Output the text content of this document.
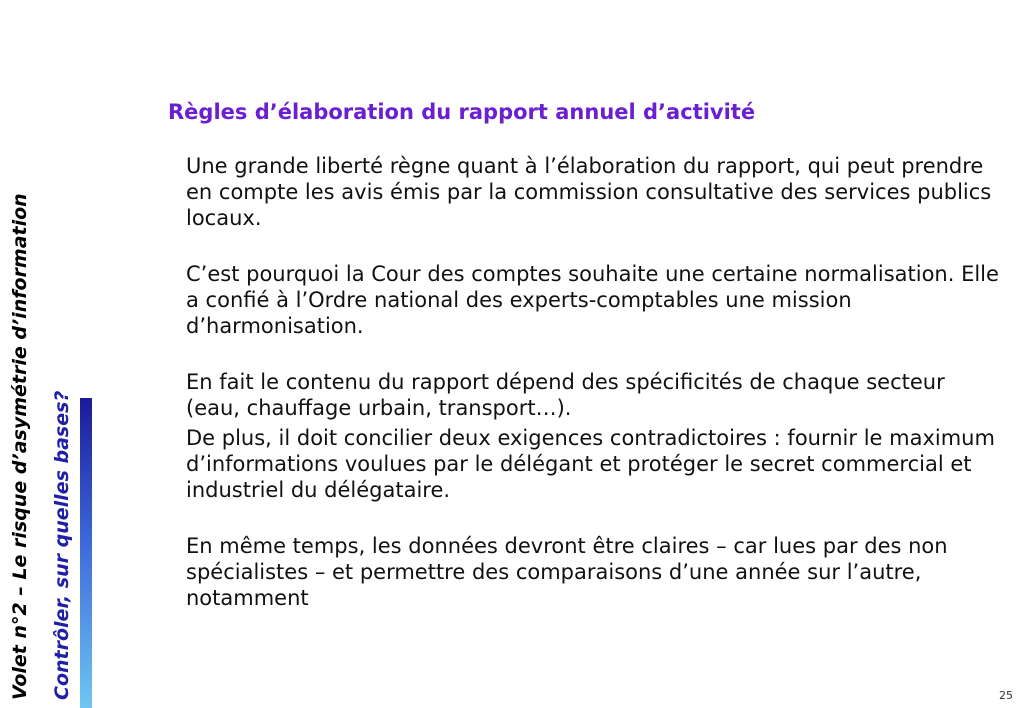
Volet n°2 – Le risque d’asymétrie d’information Contrôler, sur quelles bases?
Règles d’élaboration du rapport annuel d’activité

Une grande liberté règne quant à l’élaboration du rapport, qui peut prendre en compte les avis émis par la commission consultative des services publics locaux.

C’est pourquoi la Cour des comptes souhaite une certaine normalisation. Elle a confié à l’Ordre national des experts-comptables une mission d’harmonisation.

En fait le contenu du rapport dépend des spécificités de chaque secteur (eau, chauffage urbain, transport…).

De plus, il doit concilier deux exigences contradictoires : fournir le maximum d’informations voulues par le délégant et protéger le secret commercial et industriel du délégataire.

En même temps, les données devront être claires – car lues par des non spécialistes – et permettre des comparaisons d’une année sur l’autre, notamment

25
